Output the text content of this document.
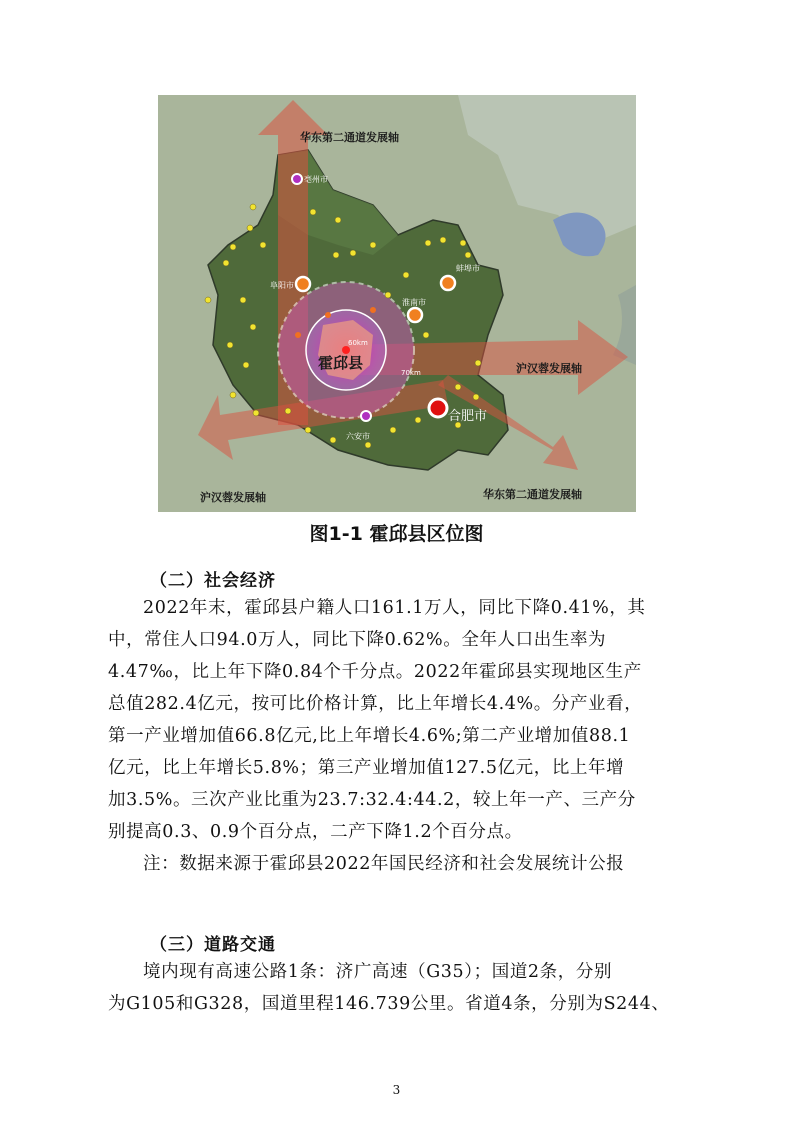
60km
70km
华东第二通道发展轴
沪汉蓉发展轴
沪汉蓉发展轴	华东第二通道发展轴
霍邱县
合肥市
六安市
亳州市
阜阳市
淮南市
蚌埠市
图1-1 霍邱县区位图
（二）社会经济

2022年末，霍邱县户籍人口161.1万人，同比下降0.41%，其

中，常住人口94.0万人，同比下降0.62%。全年人口出生率为

4.47‰，比上年下降0.84个千分点。2022年霍邱县实现地区生产

总值282.4亿元，按可比价格计算，比上年增长4.4%。分产业看，

第一产业增加值66.8亿元,比上年增长4.6%;第二产业增加值88.1

亿元，比上年增长5.8%；第三产业增加值127.5亿元，比上年增

加3.5%。三次产业比重为23.7:32.4:44.2，较上年一产、三产分

别提高0.3、0.9个百分点，二产下降1.2个百分点。

注：数据来源于霍邱县2022年国民经济和社会发展统计公报

（三）道路交通

境内现有高速公路1条：济广高速（G35）；国道2条，分别

为G105和G328，国道里程146.739公里。省道4条，分别为S244、

3
